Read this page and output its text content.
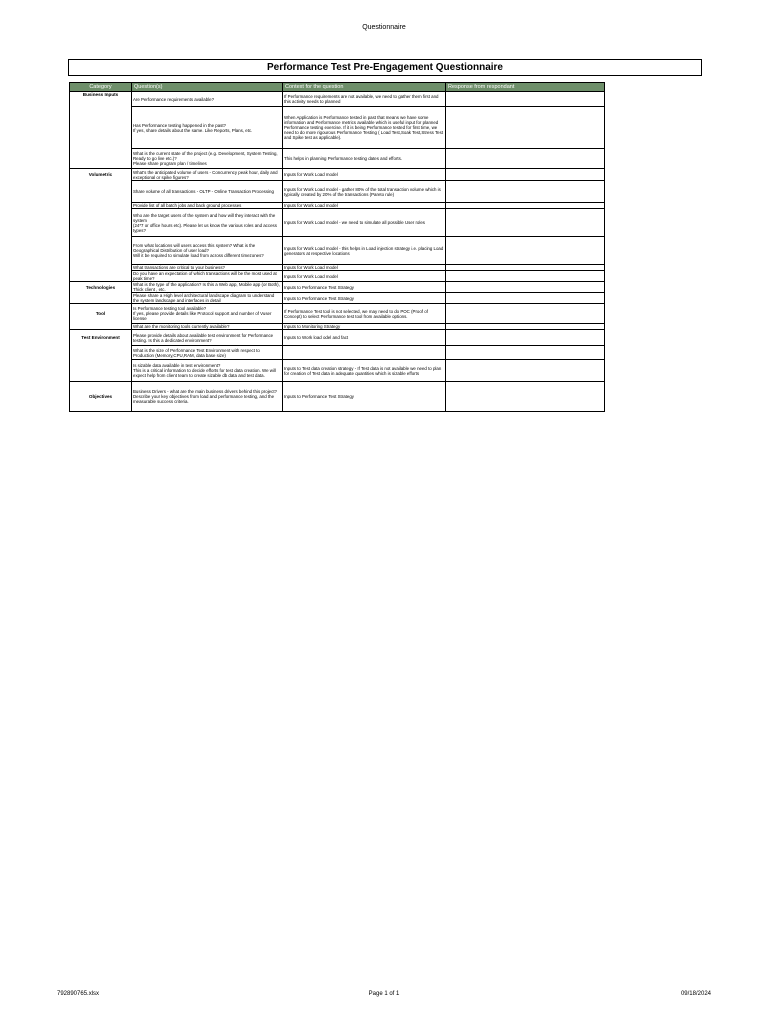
Questionnaire
Performance Test Pre-Engagement Questionnaire
Category	Question(s)	Context for the question	Response from respondant

Business Inputs	Are Performance requirements available?	If Performance requirements are not available, we need to gather them first and this activity needs to planned	

	Has Performance testing happened in the past?
If yes, share details about the same. Like Reports, Plans, etc.	When Application is Performance tested in past that means we have some information and Performance metrics available which is useful input for planned Performance testing exercise. If it is being Performance tested for first time, we need to do more rigourous Performance Testing ( Load Test,Soak Test,Stress Test and Spike test as applicable).	

	What is the current state of the project (e.g. Development, System Testing, Ready to go live etc.)?
Please share program plan / timelines	This helps in planning Performance testing dates and efforts.	

Volumetric	What's the anticipated volume of users - Concurrency peak hour, daily and exceptional or spike figures?	Inputs for Work Load model	

	Share volume of all transactions - OLTP - Online Transaction Processing	Inputs for Work Load model - gather 80% of the total transaction volume which is typically created by 20% of the transactions (Pareto rule)	

	Provide list of all batch jobs and back ground processes	Inputs for Work Load model	

	Who are the target users of the system and how will they interact with the system
(24*7 or office hours etc). Please let us know the various roles and access types?	Inputs for Work Load model - we need to simulate all possible User roles	

	From what locations will users access this system? What is the Geographical Distribution of user load?
Will it be required to simulate load from across different timezones?	Inputs for Work Load model - this helps in Load injection strategy i.e. placing Load generators at respective locations	

	What transactions are critical to your business?	Inputs for Work Load model	

	Do you have an expectation of which transactions will be the most used at peak time?	Inputs for Work Load model	

Technologies	What is the type of the application? Is this a Web app, Mobile app (or Both), Thick client , etc.	Inputs to Performance Test Strategy	

	Please share a High level architectural landscape diagram to understand the system landscape and interfaces in detail	Inputs to Performance Test Strategy	

Tool	Is Performance testing tool available?
If yes, please provide details like Protocol support and number of Vuser license	If Performance Test tool is not selected, we may need to do POC (Proof of Concept) to select Performance test tool from available options.	

	What are the monitoring tools currently available?	Inputs to Monitoring Strategy	

Test Environment	Please provide details about available test environment for Performance testing. Is this a dedicated environment?	Inputs to Work load odel and fact	

	What is the size of Performance Test Environment with respect to Production (Memory,CPU,RAM, data base size)		

	Is sizable data available in test environment?
This is a critical information to decide efforts for test data creation. We will expect help from client team to create sizable db data and test data.	Inputs to Test data creation strategy - If Test data is not available we need to plan for creation of Test data in adequate quantities which is sizable efforts	

Objectives	Business Drivers - what are the main business drivers behind this project?
Describe your key objectives from load and performance testing, and the measurable success criteria.	Inputs to Performance Test Strategy	

792890765.xlsx	Page 1 of 1	09/18/2024
